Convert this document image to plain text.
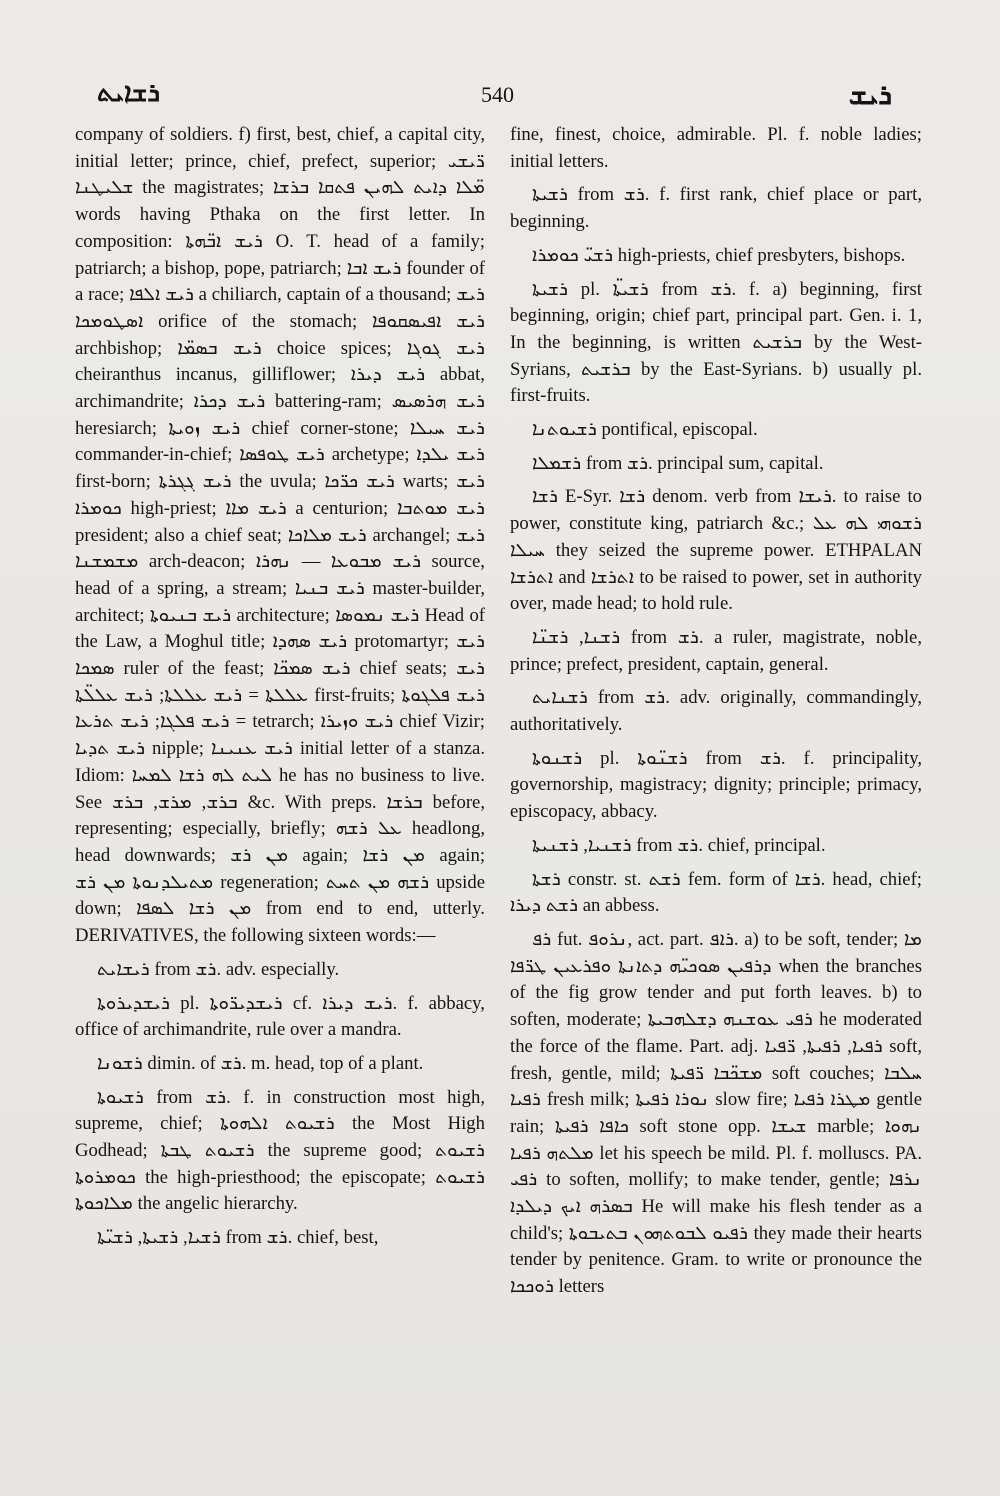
ܪܫܐܝܬ	540	ܪܝܫ

company of soldiers. f) first, best, chief, a capital city, initial letter; prince, chief, prefect, superior; ܪ̈ܝܫܝ ܫܠܝܛܢܐ the magistrates; ܡ̈ܠܐ ܕܐܝܬ ܠܗܝܢ ܦܬܩܐ ܒܪܫܐ words having Pthaka on the first letter. In composition: ܪܝܫ ܐܒ̈ܗܬܐ O. T. head of a family; patriarch; a bishop, pope, patriarch; ܪܝܫ ܐܒܐ founder of a race; ܪܝܫ ܐܠܦܐ a chiliarch, captain of a thousand; ܪܝܫ ܐܣܛܘܡܟܐ orifice of the stomach; ܪܝܫ ܐܦܝܣܩܘܦܐ archbishop; ܪܝܫ ܒܣܡ̈ܐ choice spices; ܪܝܫ ܓܘܓܐ cheiranthus incanus, gilliflower; ܪܝܫ ܕܝܪܐ abbat, archimandrite; ܪܝܫ ܕܟܪܐ battering-ram; ܪܝܫ ܗܪܣܝܣ heresiarch; ܪܝܫ ܙܘܝܬܐ chief corner-stone; ܪܝܫ ܚܝܠܐ commander-in-chief; ܪܝܫ ܛܘܦܣܐ archetype; ܪܝܫ ܝܠܕܐ first-born; ܪܝܫ ܓܓܪܬܐ the uvula; ܪܝܫ ܟܪ̈ܟܐ warts; ܪܝܫ ܟܘܡܪܐ high-priest; ܪܝܫ ܡܐܐ a centurion; ܪܝܫ ܡܘܬܒܐ president; also a chief seat; ܪܝܫ ܡܠܐܟܐ archangel; ܪܝܫ ܡܫܡܫܢܐ arch-deacon; ܪܝܫ ܡܒܘܥܐ — ܢܗܪܐ source, head of a spring, a stream; ܪܝܫ ܒܢܝܐ master-builder, architect; ܪܝܫ ܒܢܝܘܬܐ architecture; ܪܝܫ ܢܡܘܣܐ Head of the Law, a Moghul title; ܪܝܫ ܣܗܕܐ protomartyr; ܪܝܫ ܣܡܟܐ ruler of the feast; ܪܝܫ ܣܡܟ̈ܐ chief seats; ܪܝܫ ܥܠܠܬܐ = ܪܝܫ ܥܠܠܬܐ; ܪܝܫ ܥܠܠ̈ܬܐ first-fruits; ܪܝܫ ܦܠܓܘܬܐ = ܪܝܫ ܦܠܓܐ; ܪܝܫ ܬܪܥܐ tetrarch; ܪܝܫ ܘܙܝܪܐ chief Vizir; ܪܝܫ ܬܕܝܐ nipple; ܪܝܫ ܥܢܝܢܐ initial letter of a stanza. Idiom: ܠܝܬ ܠܗ ܪܫܐ ܠܡܚܐ he has no business to live. See ܒܪܫ, ܡܪܫ, ܒܪܫ &c. With preps. ܒܪܫܐ before, representing; especially, briefly; ܥܠ ܪܫܗ headlong, head downwards; ܡܢ ܪܫ again; ܡܢ ܪܫܐ again; ܡܬܝܠܕܢܘܬܐ ܡܢ ܪܫ regeneration; ܪܫܗ ܡܢ ܬܚܬ upside down; ܡܢ ܪܫܐ ܠܣܦܐ from end to end, utterly. DERIVATIVES, the following sixteen words:—

ܪܝܫܐܝܬ from ܪܫ. adv. especially.

ܪܝܫܕܝܪܘܬܐ pl. ܪܝܫܕܝܪ̈ܘܬܐ cf. ܪܝܫ ܕܝܪܐ. f. abbacy, office of archimandrite, rule over a mandra.

ܪܫܘܢܐ dimin. of ܪܫ. m. head, top of a plant.

ܪܫܝܘܬܐ from ܪܫ. f. in construction most high, supreme, chief; ܪܫܝܘܬ ܐܠܗܘܬܐ the Most High Godhead; ܪܫܝܘܬ ܛܒܬܐ the supreme good; ܪܫܝܘܬ ܟܘܡܪܘܬܐ the high-priesthood; the episcopate; ܪܫܝܘܬ ܡܠܐܟܘܬܐ the angelic hierarchy.

ܪܫܝܐ, ܪܫܝܬܐ, ܪܫܝ̈ܬܐ from ܪܫ. chief, best,

fine, finest, choice, admirable. Pl. f. noble ladies; initial letters.

ܪܫܝܬܐ from ܪܫ. f. first rank, chief place or part, beginning.

ܪܫܝ̈ ܟܘܡܪܐ high-priests, chief presbyters, bishops.

ܪܫܝܬܐ pl. ܪܫܝܬ̈ܐ from ܪܫ. f. a) beginning, first beginning, origin; chief part, principal part. Gen. i. 1, In the beginning, is written ܒܪܫܝܬ by the West-Syrians, ܒܪܫܝܬ by the East-Syrians. b) usually pl. first-fruits.

ܪܫܝܘܬܢܐ pontifical, episcopal.

ܪܫܡܠܐ from ܪܫ. principal sum, capital.

ܪܫܐ E-Syr. ܪܫܐ denom. verb from ܪܝܫܐ. to raise to power, constitute king, patriarch &c.; ܪܫܘܗܝ ܠܗ ܥܠ ܚܝܠܐ they seized the supreme power. ETHPALAN ܐܬܪܫܐ and ܐܬܪܫܐ to be raised to power, set in authority over, made head; to hold rule.

ܪܫܢܐ, ܪܫܢ̈ܐ from ܪܫ. a ruler, magistrate, noble, prince; prefect, president, captain, general.

ܪܫܢܐܝܬ from ܪܫ. adv. originally, commandingly, authoritatively.

ܪܫܢܘܬܐ pl. ܪܫܢ̈ܘܬܐ from ܪܫ. f. principality, governorship, magistracy; dignity; principle; primacy, episcopacy, abbacy.

ܪܫܢܝܐ, ܪܫܢܝܬܐ from ܪܫ. chief, principal.

ܪܫܬܐ constr. st. ܪܫܬ fem. form of ܪܫܐ. head, chief; ܪܫܬ ܕܝܪܐ an abbess.

ܪܦ fut. ܢܪܘܦ, act. part. ܪܐܦ. a) to be soft, tender; ܡܐ ܕܪܦܝܢ ܣܘܟܝ̈ܗ ܕܬܐܢܬܐ ܘܦܪܥܝܢ ܛܪ̈ܦܐ when the branches of the fig grow tender and put forth leaves. b) to soften, moderate; ܪܦܝ ܥܘܫܢܗ ܕܫܠܗܒܝܬܐ he moderated the force of the flame. Part. adj. ܪܦܝܐ, ܪܦܝܬܐ, ܪ̈ܦܝܐ soft, fresh, gentle, mild; ܡܫܟ̈ܒܐ ܪ̈ܦܝܬܐ soft couches; ܚܠܒܐ ܪܦܝܐ fresh milk; ܢܘܪܐ ܪܦܝܬܐ slow fire; ܡܛܪܐ ܪܦܝܐ gentle rain; ܟܐܦܐ ܪܦܝܬܐ soft stone opp. ܫܝܫܐ marble; ܢܗܘܐ ܡܠܬܗ ܪܦܝܐ let his speech be mild. Pl. f. molluscs. PA. ܪܦܝ to soften, mollify; to make tender, gentle; ܢܪܦܐ ܒܣܪܗ ܐܝܟ ܕܝܠܕܐ He will make his flesh tender as a child's; ܪܦܝܘ ܠܒܘܬܗܘܢ ܒܬܝܒܘܬܐ they made their hearts tender by penitence. Gram. to write or pronounce the ܪܘܟܟܐ letters
